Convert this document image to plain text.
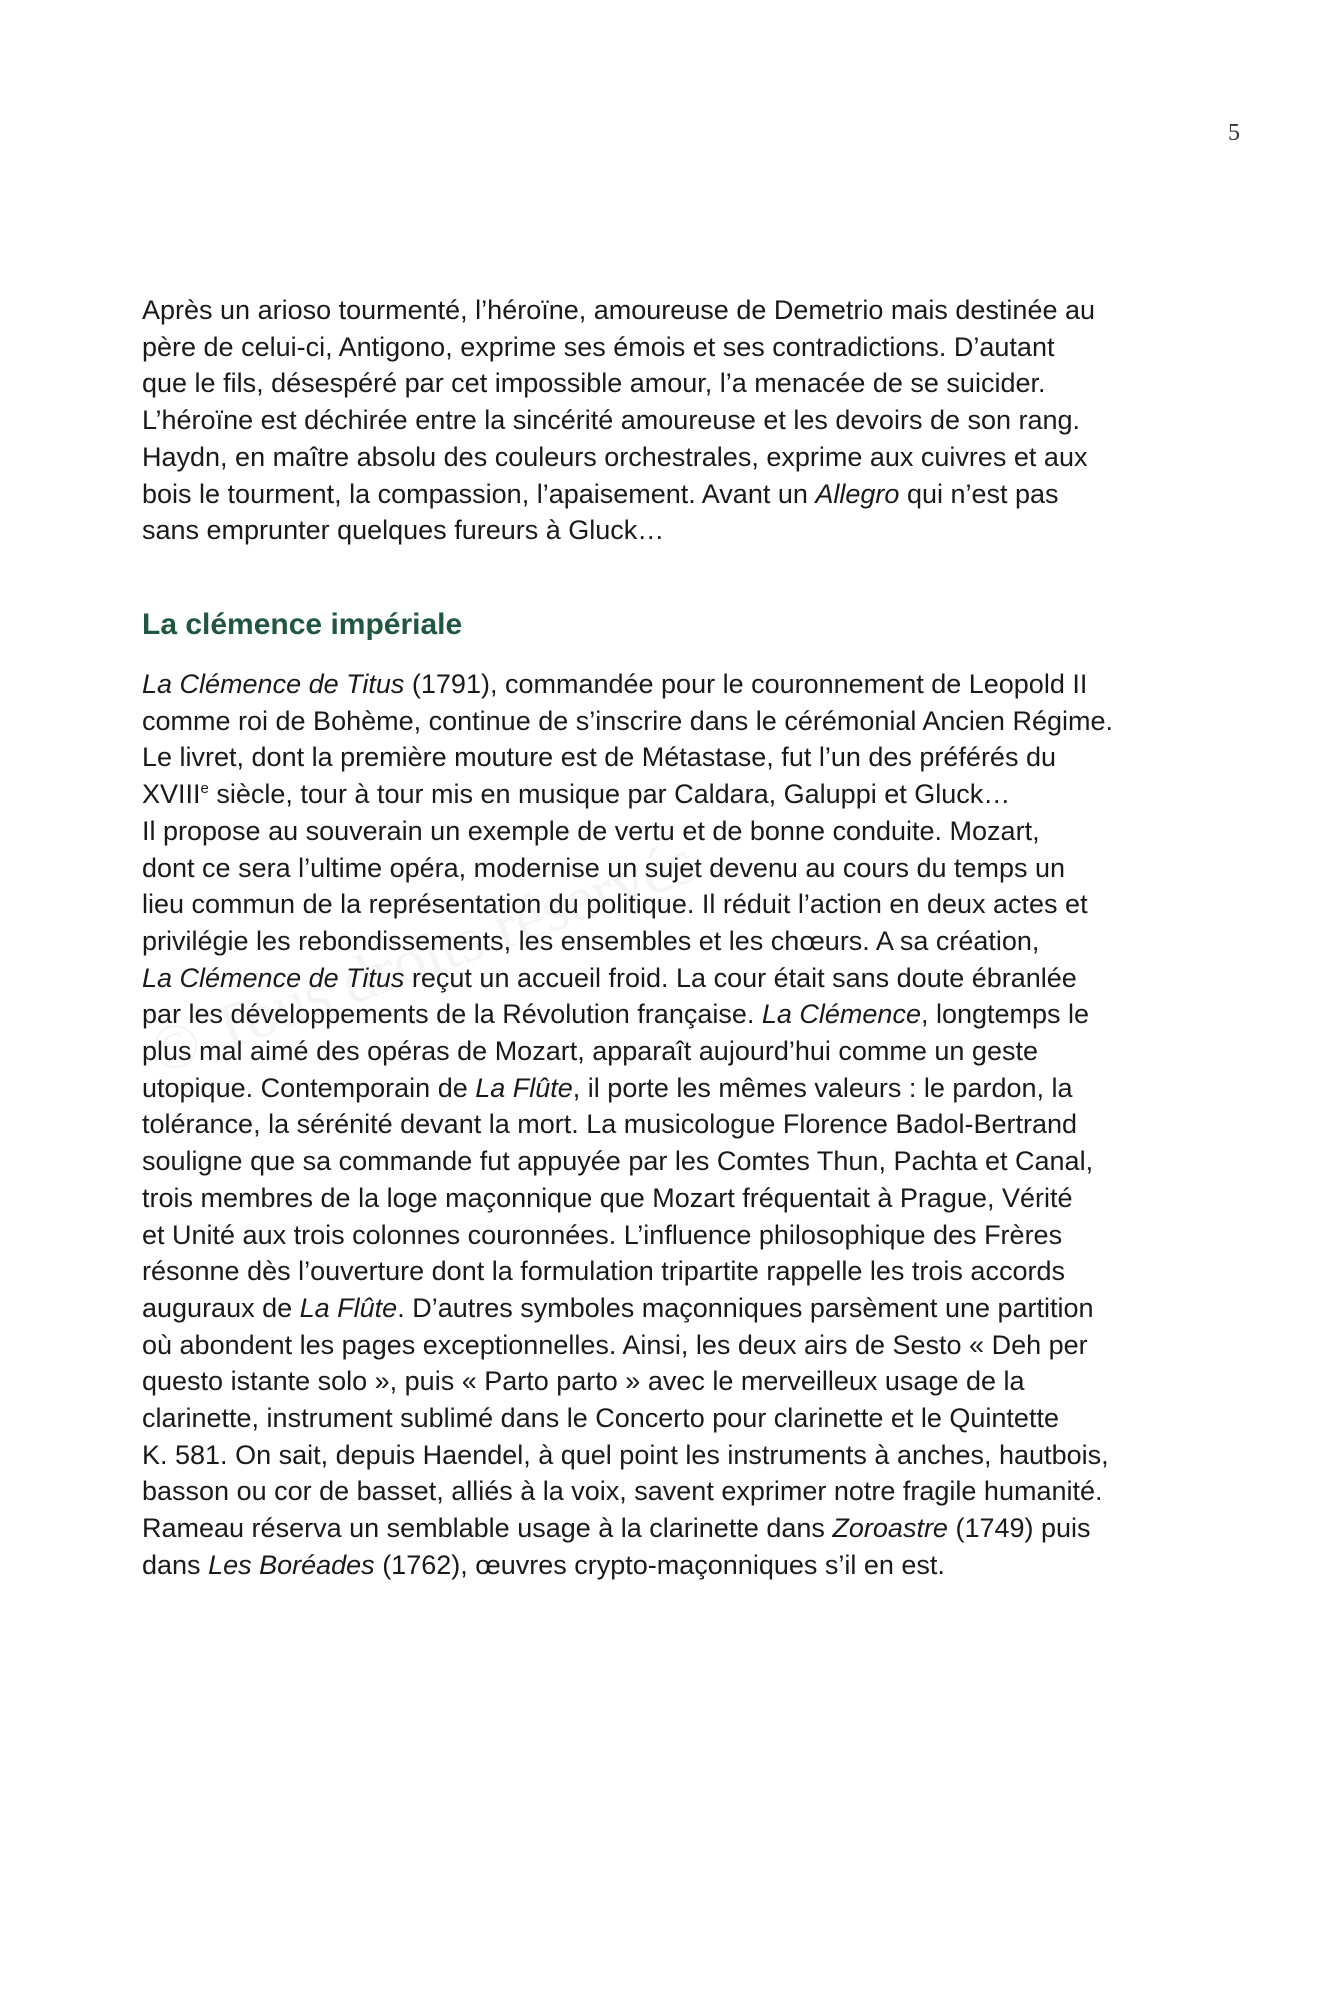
5

Après un arioso tourmenté, l’héroïne, amoureuse de Demetrio mais destinée au
père de celui-ci, Antigono, exprime ses émois et ses contradictions. D’autant
que le fils, désespéré par cet impossible amour, l’a menacée de se suicider.
L’héroïne est déchirée entre la sincérité amoureuse et les devoirs de son rang.
Haydn, en maître absolu des couleurs orchestrales, exprime aux cuivres et aux
bois le tourment, la compassion, l’apaisement. Avant un Allegro qui n’est pas
sans emprunter quelques fureurs à Gluck…

La clémence impériale

La Clémence de Titus (1791), commandée pour le couronnement de Leopold II
comme roi de Bohème, continue de s’inscrire dans le cérémonial Ancien Régime.
Le livret, dont la première mouture est de Métastase, fut l’un des préférés du
XVIIIe siècle, tour à tour mis en musique par Caldara, Galuppi et Gluck…
Il propose au souverain un exemple de vertu et de bonne conduite. Mozart,
dont ce sera l’ultime opéra, modernise un sujet devenu au cours du temps un
lieu commun de la représentation du politique. Il réduit l’action en deux actes et
privilégie les rebondissements, les ensembles et les chœurs. A sa création,
La Clémence de Titus reçut un accueil froid. La cour était sans doute ébranlée
par les développements de la Révolution française. La Clémence, longtemps le
plus mal aimé des opéras de Mozart, apparaît aujourd’hui comme un geste
utopique. Contemporain de La Flûte, il porte les mêmes valeurs : le pardon, la
tolérance, la sérénité devant la mort. La musicologue Florence Badol-Bertrand
souligne que sa commande fut appuyée par les Comtes Thun, Pachta et Canal,
trois membres de la loge maçonnique que Mozart fréquentait à Prague, Vérité
et Unité aux trois colonnes couronnées. L’influence philosophique des Frères
résonne dès l’ouverture dont la formulation tripartite rappelle les trois accords
auguraux de La Flûte. D’autres symboles maçonniques parsèment une partition
où abondent les pages exceptionnelles. Ainsi, les deux airs de Sesto « Deh per
questo istante solo », puis « Parto parto » avec le merveilleux usage de la
clarinette, instrument sublimé dans le Concerto pour clarinette et le Quintette
K. 581. On sait, depuis Haendel, à quel point les instruments à anches, hautbois,
basson ou cor de basset, alliés à la voix, savent exprimer notre fragile humanité.
Rameau réserva un semblable usage à la clarinette dans Zoroastre (1749) puis
dans Les Boréades (1762), œuvres crypto-maçonniques s’il en est.
